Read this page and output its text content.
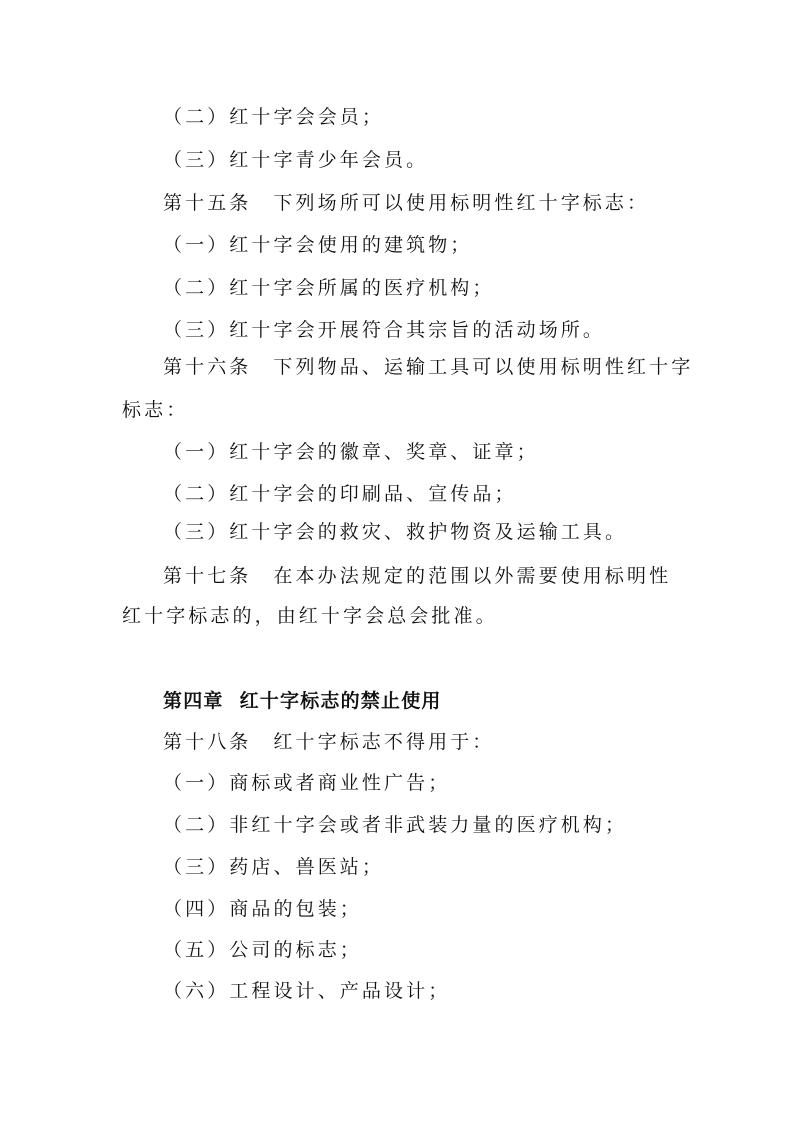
（二）红十字会会员；
（三）红十字青少年会员。
第十五条 下列场所可以使用标明性红十字标志：
（一）红十字会使用的建筑物；
（二）红十字会所属的医疗机构；
（三）红十字会开展符合其宗旨的活动场所。
第十六条 下列物品、运输工具可以使用标明性红十字
标志：
（一）红十字会的徽章、奖章、证章；
（二）红十字会的印刷品、宣传品；
（三）红十字会的救灾、救护物资及运输工具。
第十七条 在本办法规定的范围以外需要使用标明性
红十字标志的，由红十字会总会批准。
第四章 红十字标志的禁止使用
第十八条 红十字标志不得用于：
（一）商标或者商业性广告；
（二）非红十字会或者非武装力量的医疗机构；
（三）药店、兽医站；
（四）商品的包装；
（五）公司的标志；
（六）工程设计、产品设计；
